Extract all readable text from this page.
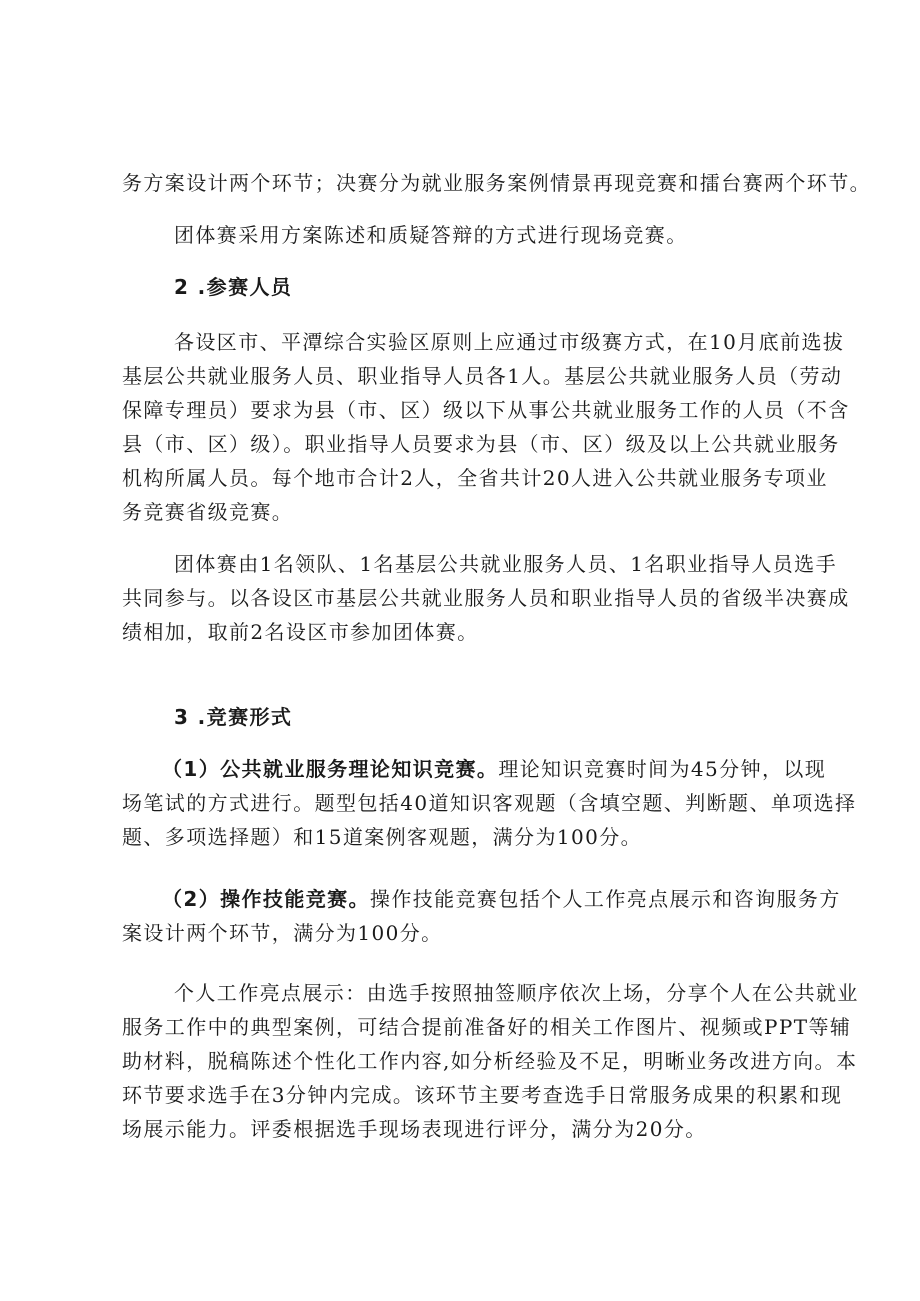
务方案设计两个环节；决赛分为就业服务案例情景再现竞赛和擂台赛两个环节。

团体赛采用方案陈述和质疑答辩的方式进行现场竞赛。

2 .参赛人员

各设区市、平潭综合实验区原则上应通过市级赛方式，在10月底前选拔
基层公共就业服务人员、职业指导人员各1人。基层公共就业服务人员（劳动
保障专理员）要求为县（市、区）级以下从事公共就业服务工作的人员（不含
县（市、区）级）。职业指导人员要求为县（市、区）级及以上公共就业服务
机构所属人员。每个地市合计2人，全省共计20人进入公共就业服务专项业
务竞赛省级竞赛。

团体赛由1名领队、1名基层公共就业服务人员、1名职业指导人员选手
共同参与。以各设区市基层公共就业服务人员和职业指导人员的省级半决赛成
绩相加，取前2名设区市参加团体赛。

3 .竞赛形式

（1）公共就业服务理论知识竞赛。理论知识竞赛时间为45分钟，以现
场笔试的方式进行。题型包括40道知识客观题（含填空题、判断题、单项选择
题、多项选择题）和15道案例客观题，满分为100分。

（2）操作技能竞赛。操作技能竞赛包括个人工作亮点展示和咨询服务方
案设计两个环节，满分为100分。

个人工作亮点展示：由选手按照抽签顺序依次上场，分享个人在公共就业
服务工作中的典型案例，可结合提前准备好的相关工作图片、视频或PPT等辅
助材料，脱稿陈述个性化工作内容,如分析经验及不足，明晰业务改进方向。本
环节要求选手在3分钟内完成。该环节主要考查选手日常服务成果的积累和现
场展示能力。评委根据选手现场表现进行评分，满分为20分。
